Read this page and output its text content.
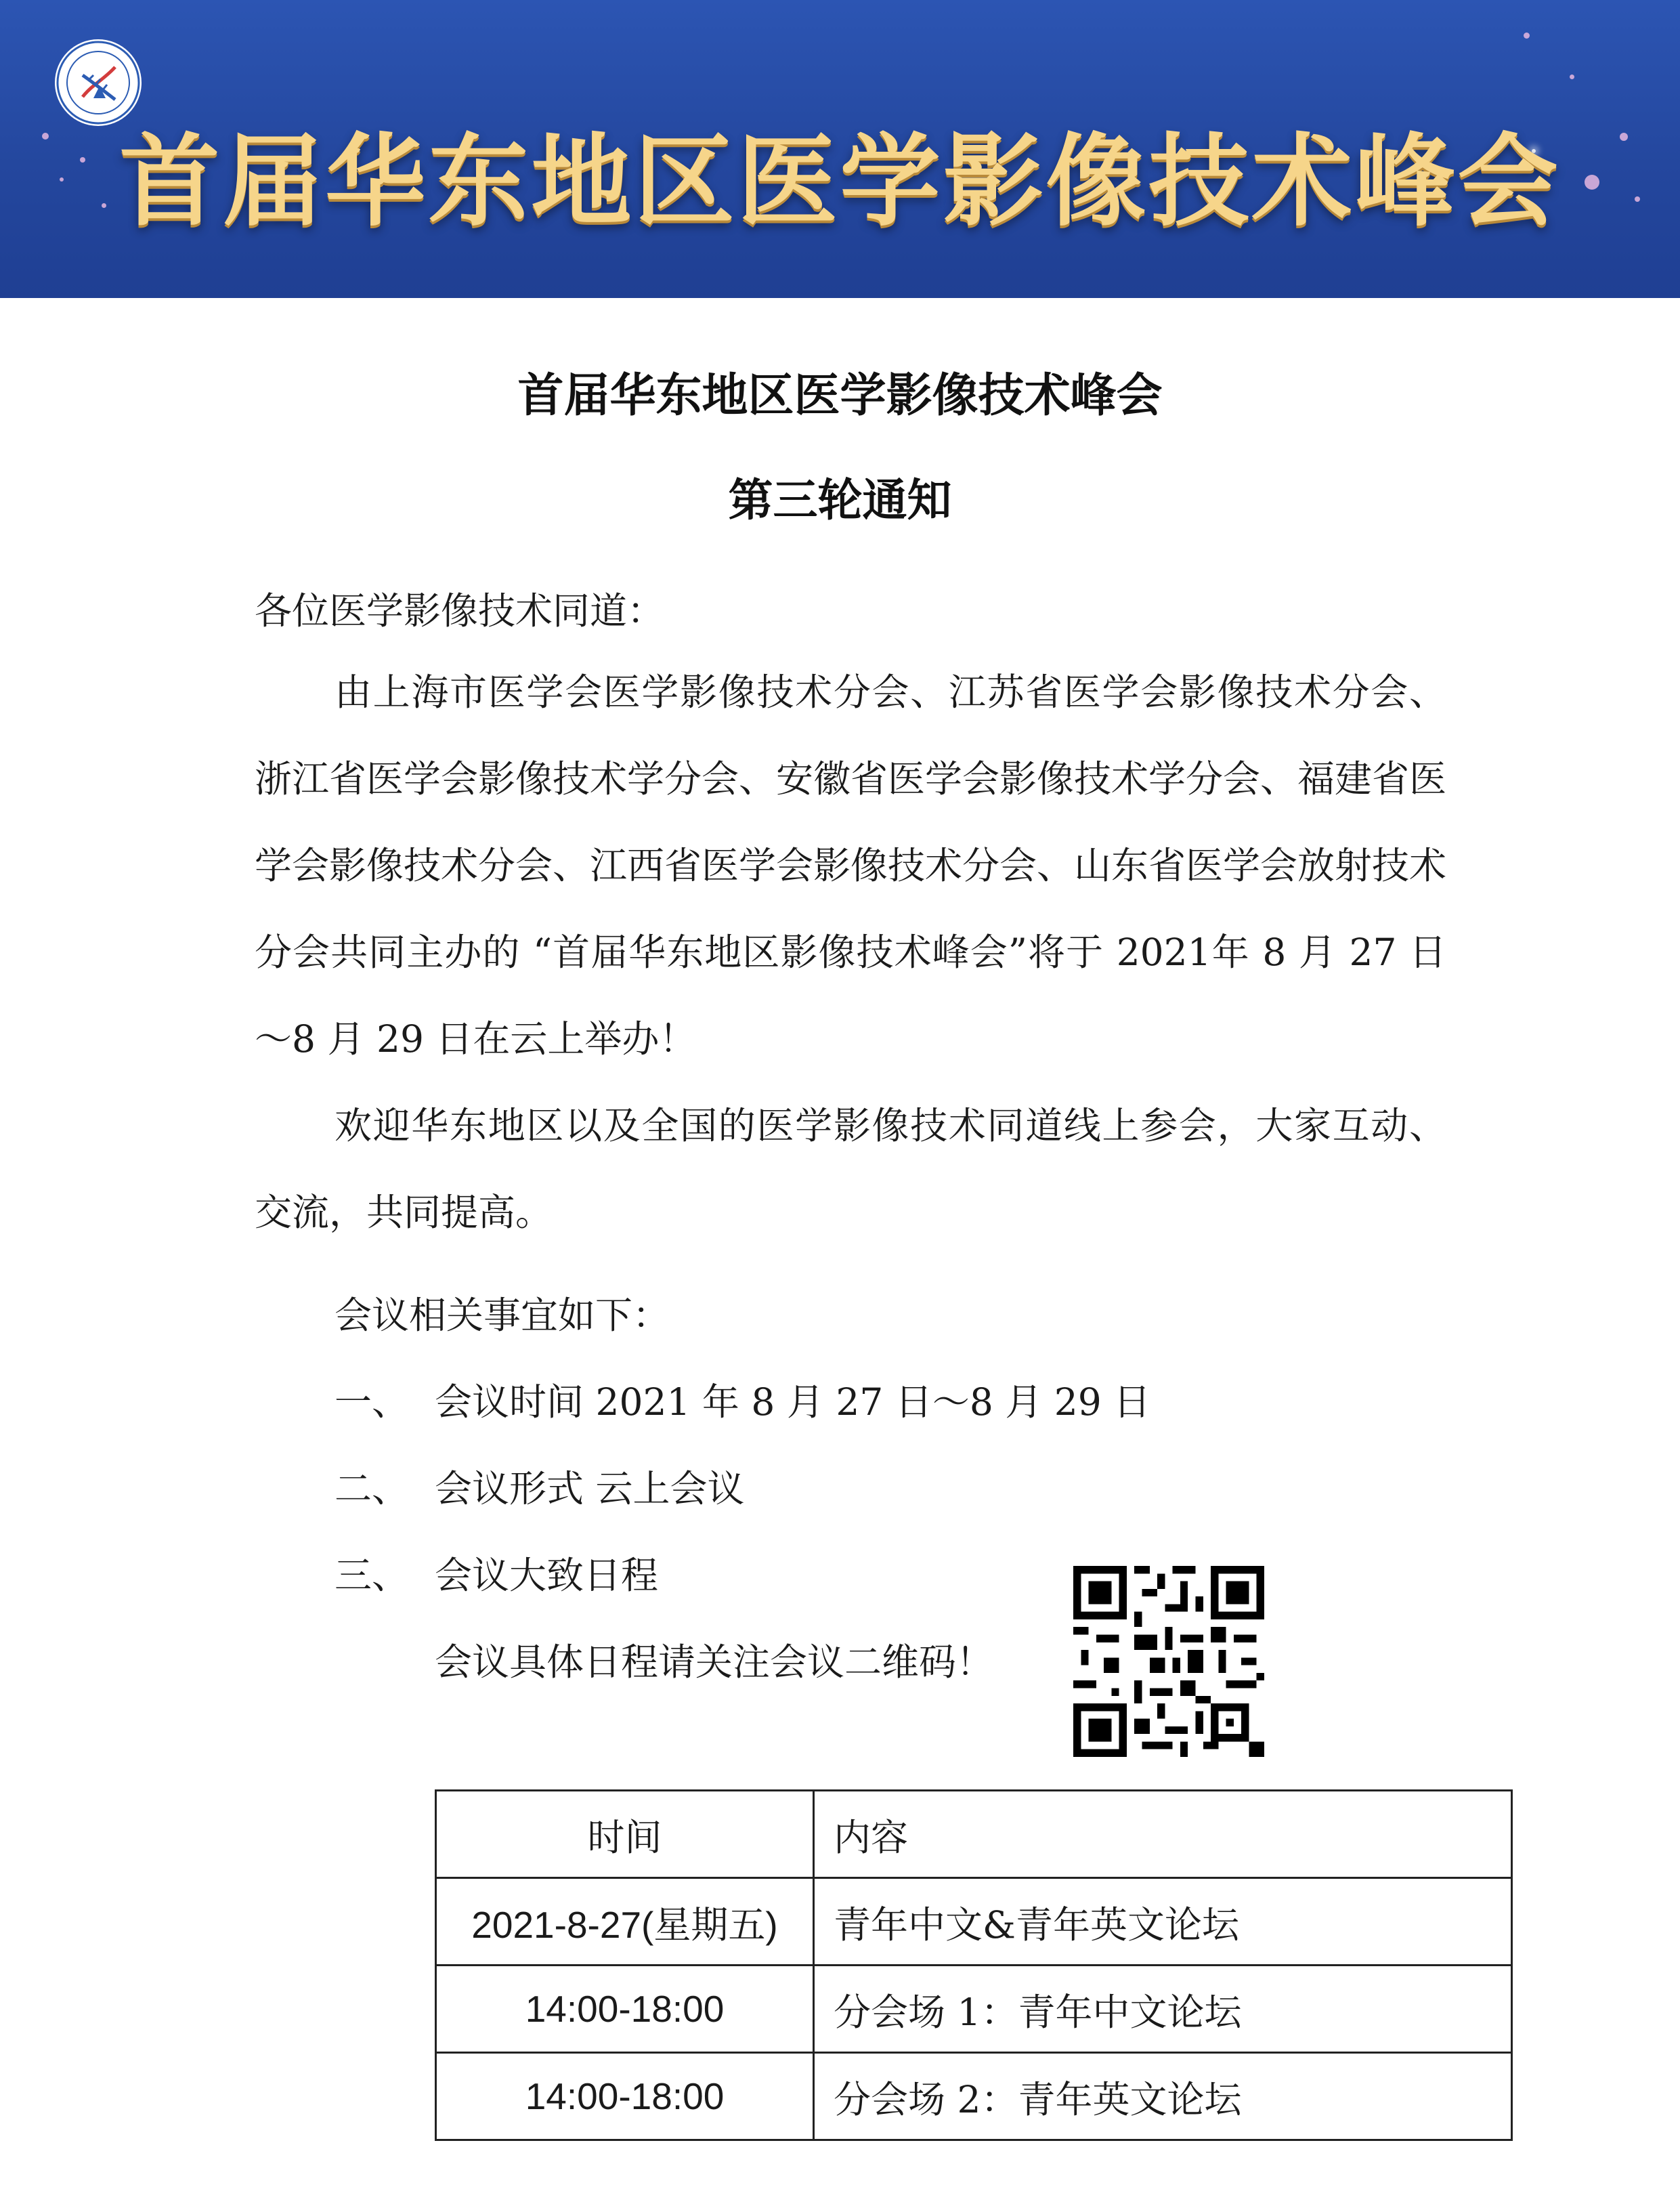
首届华东地区医学影像技术峰会
首届华东地区医学影像技术峰会
第三轮通知
各位医学影像技术同道：
由上海市医学会医学影像技术分会、江苏省医学会影像技术分会、浙江省医学会影像技术学分会、安徽省医学会影像技术学分会、福建省医学会影像技术分会、江西省医学会影像技术分会、山东省医学会放射技术分会共同主办的 “首届华东地区影像技术峰会”将于 2021年 8 月 27 日～8 月 29 日在云上举办！
欢迎华东地区以及全国的医学影像技术同道线上参会，大家互动、交流，共同提高。
会议相关事宜如下：
一、 会议时间 2021 年 8 月 27 日～8 月 29 日
二、 会议形式 云上会议
三、 会议大致日程
会议具体日程请关注会议二维码！
时间	内容
2021-8-27(星期五)	青年中文&青年英文论坛
14:00-18:00	分会场 1：青年中文论坛
14:00-18:00	分会场 2：青年英文论坛
